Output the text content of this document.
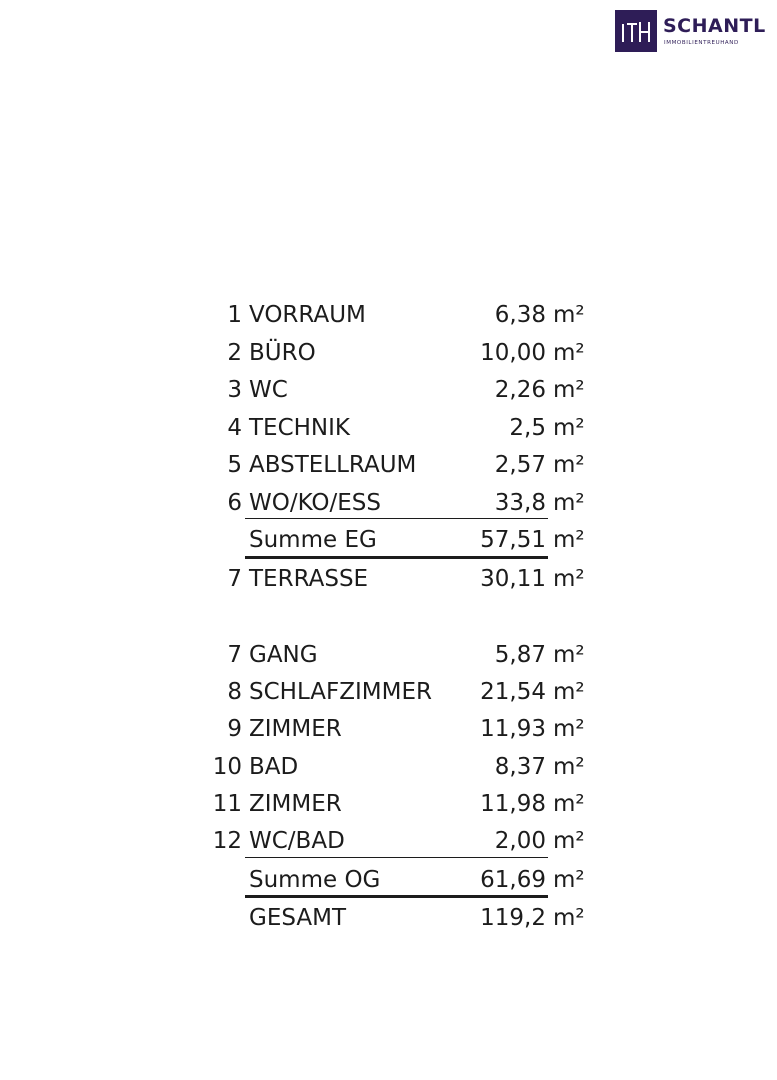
SCHANTL
IMMOBILIENTREUHAND
1 VORRAUM	6,38 m²
2 BÜRO	10,00 m²
3 WC	2,26 m²
4 TECHNIK	2,5 m²
5 ABSTELLRAUM	2,57 m²
6 WO/KO/ESS	33,8 m²
Summe EG	57,51 m²
7 TERRASSE	30,11 m²
7 GANG	5,87 m²
8 SCHLAFZIMMER 21,54 m²
9 ZIMMER	11,93 m²
10 BAD	8,37 m²
11 ZIMMER	11,98 m²
12 WC/BAD	2,00 m²
Summe OG	61,69 m²
GESAMT	119,2 m²
